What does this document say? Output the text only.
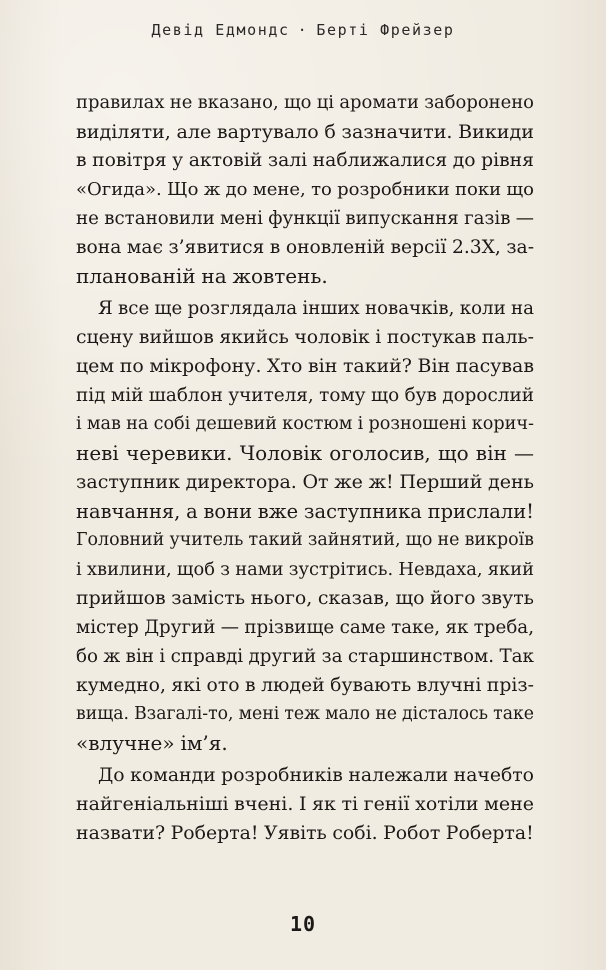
Девід Едмондс · Берті Фрейзер

правилах не вказано, що ці аромати заборонено
виділяти, але вартувало б зазначити. Викиди
в повітря у актовій залі наближалися до рівня
«Огида». Що ж до мене, то розробники поки що
не встановили мені функції випускання газів —
вона має з’явитися в оновленій версії 2.3X, за-
планованій на жовтень.

Я все ще розглядала інших новачків, коли на
сцену вийшов якийсь чоловік і постукав паль-
цем по мікрофону. Хто він такий? Він пасував
під мій шаблон учителя, тому що був дорослий
і мав на собі дешевий костюм і розношені корич-
неві черевики. Чоловік оголосив, що він —
заступник директора. От же ж! Перший день
навчання, а вони вже заступника прислали!
Головний учитель такий зайнятий, що не викроїв
і хвилини, щоб з нами зустрітись. Невдаха, який
прийшов замість нього, сказав, що його звуть
містер Другий — прізвище саме таке, як треба,
бо ж він і справді другий за старшинством. Так
кумедно, які ото в людей бувають влучні пріз-
вища. Взагалі-то, мені теж мало не дісталось таке
«влучне» ім’я.

До команди розробників належали начебто
найгеніальніші вчені. І як ті генії хотіли мене
назвати? Роберта! Уявіть собі. Робот Роберта!

10
